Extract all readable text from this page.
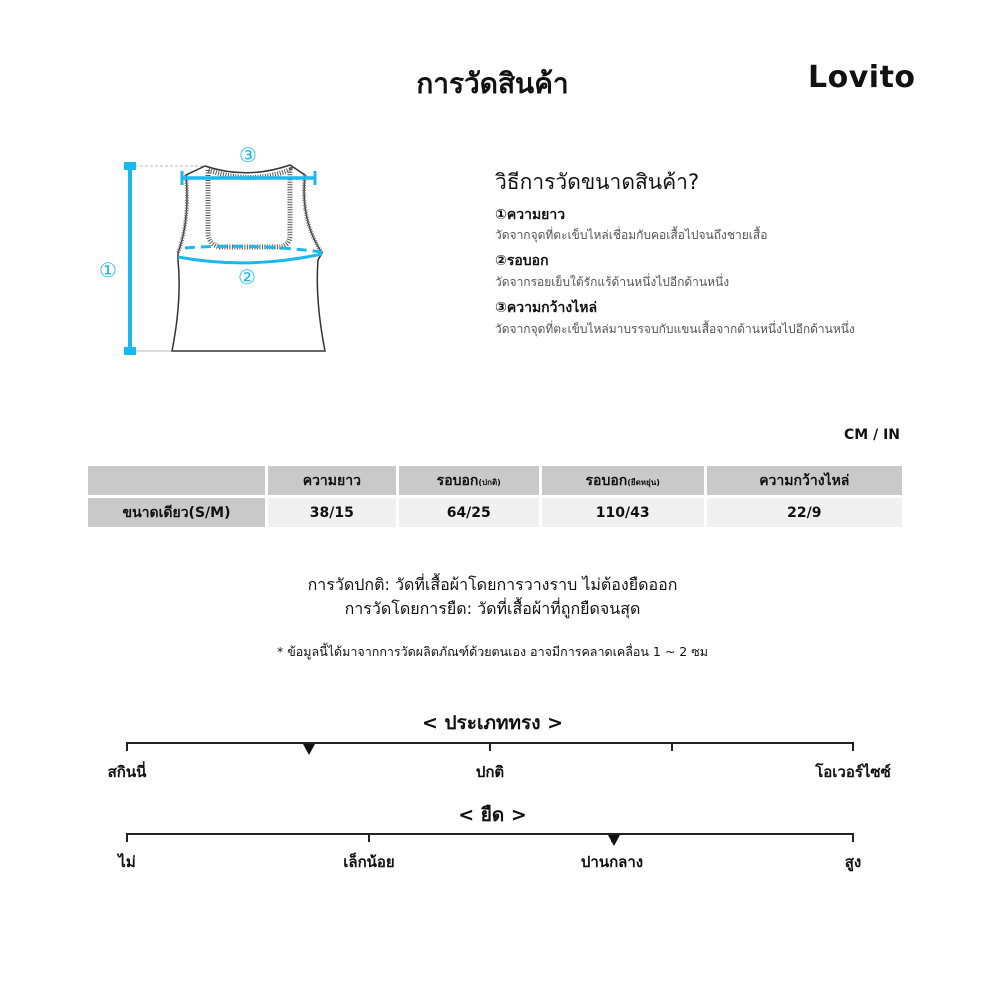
การวัดสินค้า	Lovito
③
②
①
วิธีการวัดขนาดสินค้า?
①ความยาว
วัดจากจุดที่ตะเข็บไหล่เชื่อมกับคอเสื้อไปจนถึงชายเสื้อ
②รอบอก
วัดจากรอยเย็บใต้รักแร้ด้านหนึ่งไปอีกด้านหนึ่ง
③ความกว้างไหล่
วัดจากจุดที่ตะเข็บไหล่มาบรรจบกับแขนเสื้อจากด้านหนึ่งไปอีกด้านหนึ่ง
CM / IN
	ความยาว	รอบอก(ปกติ)	รอบอก(ยืดหยุ่น)	ความกว้างไหล่
ขนาดเดียว(S/M)	38/15	64/25	110/43	22/9
การวัดปกติ: วัดที่เสื้อผ้าโดยการวางราบ ไม่ต้องยืดออก
การวัดโดยการยืด: วัดที่เสื้อผ้าที่ถูกยืดจนสุด
* ข้อมูลนี้ได้มาจากการวัดผลิตภัณฑ์ด้วยตนเอง อาจมีการคลาดเคลื่อน 1 ~ 2 ซม
< ประเภททรง >
สกินนี่	ปกติ	โอเวอร์ไซซ์
< ยืด >
ไม่	เล็กน้อย	ปานกลาง	สูง
